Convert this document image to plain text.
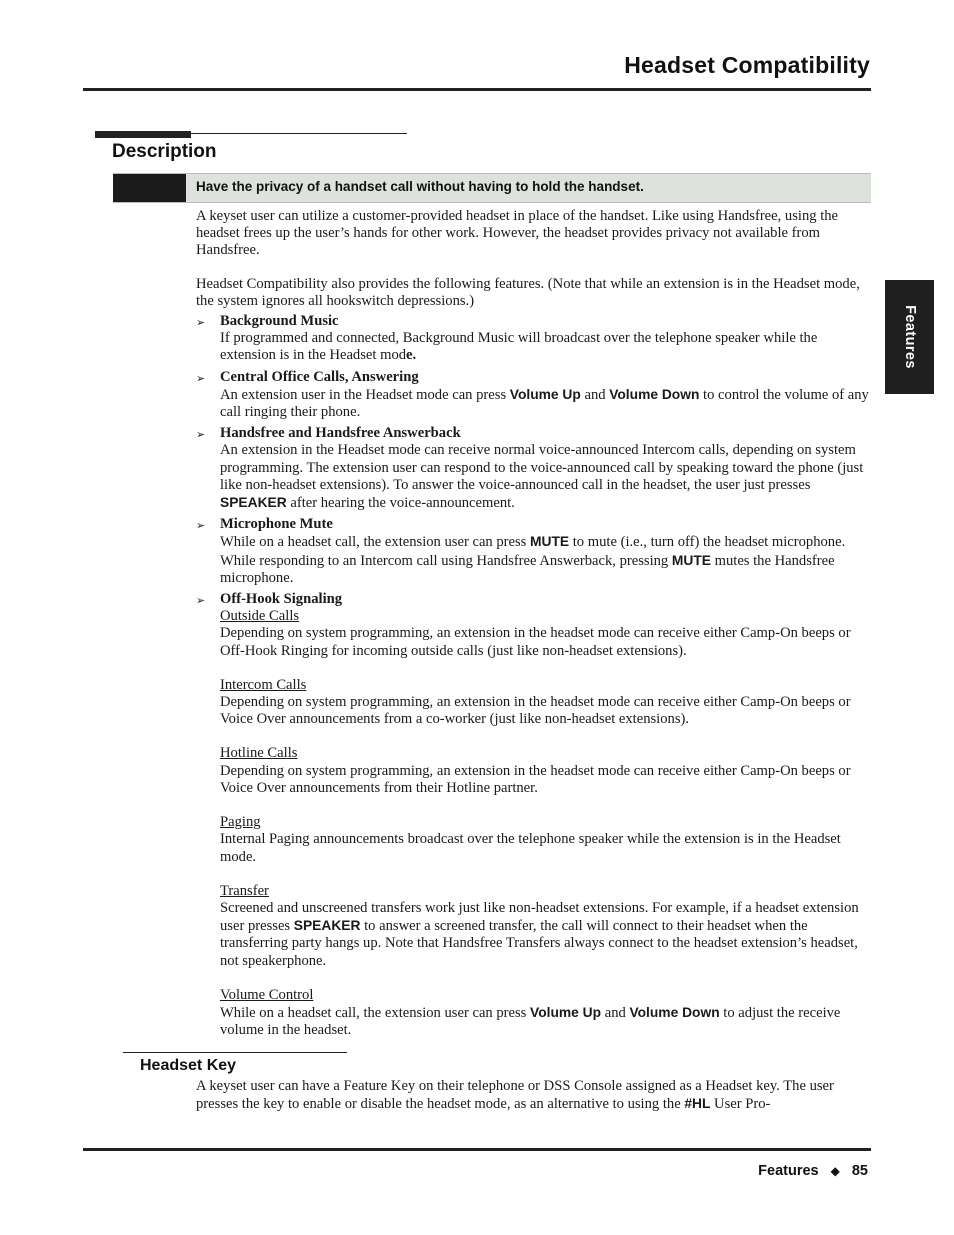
Headset Compatibility
Features
Description
Have the privacy of a handset call without having to hold the handset.

A keyset user can utilize a customer-provided headset in place of the handset. Like using Handsfree, using the headset frees up the user’s hands for other work. However, the headset provides privacy not available from Handsfree.

Headset Compatibility also provides the following features. (Note that while an extension is in the Headset mode, the system ignores all hookswitch depressions.)

➢ Background Music
If programmed and connected, Background Music will broadcast over the telephone speaker while the extension is in the Headset mode.
➢ Central Office Calls, Answering
An extension user in the Headset mode can press Volume Up and Volume Down to control the volume of any call ringing their phone.
➢ Handsfree and Handsfree Answerback
An extension in the Headset mode can receive normal voice-announced Intercom calls, depending on system programming. The extension user can respond to the voice-announced call by speaking toward the phone (just like non-headset extensions). To answer the voice-announced call in the headset, the user just presses SPEAKER after hearing the voice-announcement.
➢ Microphone Mute
While on a headset call, the extension user can press MUTE to mute (i.e., turn off) the headset microphone. While responding to an Intercom call using Handsfree Answerback, pressing MUTE mutes the Handsfree microphone.
➢ Off-Hook Signaling
Outside Calls
Depending on system programming, an extension in the headset mode can receive either Camp-On beeps or Off-Hook Ringing for incoming outside calls (just like non-headset extensions).
Intercom Calls
Depending on system programming, an extension in the headset mode can receive either Camp-On beeps or Voice Over announcements from a co-worker (just like non-headset extensions).
Hotline Calls
Depending on system programming, an extension in the headset mode can receive either Camp-On beeps or Voice Over announcements from their Hotline partner.
Paging
Internal Paging announcements broadcast over the telephone speaker while the extension is in the Headset mode.
Transfer
Screened and unscreened transfers work just like non-headset extensions. For example, if a headset extension user presses SPEAKER to answer a screened transfer, the call will connect to their headset when the transferring party hangs up. Note that Handsfree Transfers always connect to the headset extension’s headset, not speakerphone.
Volume Control
While on a headset call, the extension user can press Volume Up and Volume Down to adjust the receive volume in the headset.
Headset Key

A keyset user can have a Feature Key on their telephone or DSS Console assigned as a Headset key. The user presses the key to enable or disable the headset mode, as an alternative to using the #HL User Pro-

Features ◆ 85
